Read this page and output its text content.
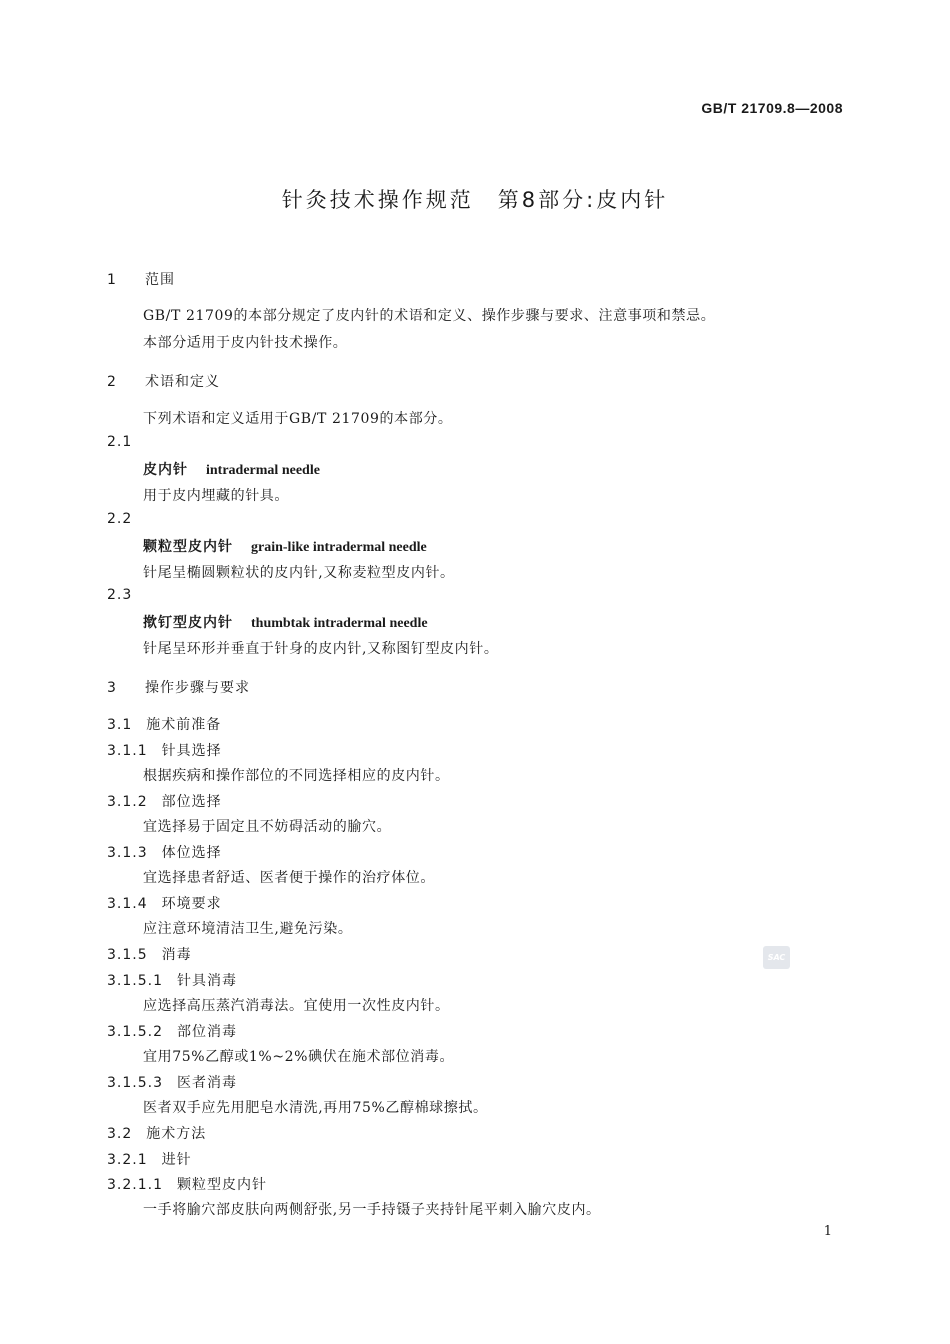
GB/T 21709.8—2008
针灸技术操作规范　第8部分:皮内针
1 范围
GB/T 21709的本部分规定了皮内针的术语和定义、操作步骤与要求、注意事项和禁忌。
本部分适用于皮内针技术操作。
2 术语和定义
下列术语和定义适用于GB/T 21709的本部分。
2.1
皮内针 intradermal needle
用于皮内埋藏的针具。
2.2
颗粒型皮内针 grain-like intradermal needle
针尾呈椭圆颗粒状的皮内针,又称麦粒型皮内针。
2.3
揿钉型皮内针 thumbtak intradermal needle
针尾呈环形并垂直于针身的皮内针,又称图钉型皮内针。
3 操作步骤与要求
3.1 施术前准备
3.1.1 针具选择
根据疾病和操作部位的不同选择相应的皮内针。
3.1.2 部位选择
宜选择易于固定且不妨碍活动的腧穴。
3.1.3 体位选择
宜选择患者舒适、医者便于操作的治疗体位。
3.1.4 环境要求
应注意环境清洁卫生,避免污染。
3.1.5 消毒
3.1.5.1 针具消毒
应选择高压蒸汽消毒法。宜使用一次性皮内针。
3.1.5.2 部位消毒
宜用75%乙醇或1%~2%碘伏在施术部位消毒。
3.1.5.3 医者消毒
医者双手应先用肥皂水清洗,再用75%乙醇棉球擦拭。
3.2 施术方法
3.2.1 进针
3.2.1.1 颗粒型皮内针
一手将腧穴部皮肤向两侧舒张,另一手持镊子夹持针尾平刺入腧穴皮内。
SAC
1
